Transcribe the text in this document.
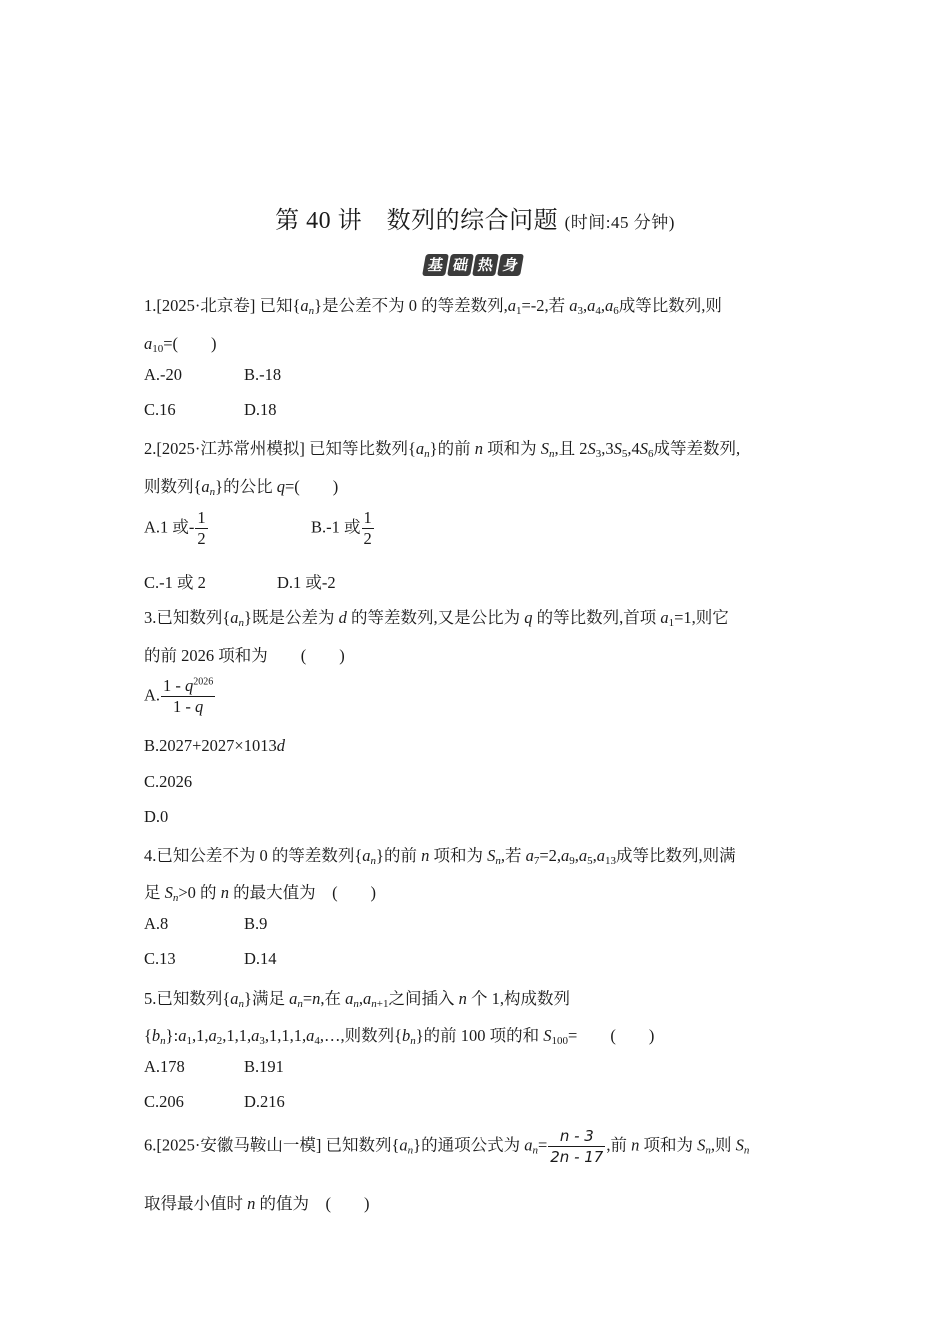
第 40 讲　数列的综合问题 (时间:45 分钟)
基 础 热 身
1.[2025·北京卷] 已知$\{a_n\}$是公差不为 0 的等差数列$,a_1=-2$,若 $a_3,a_4,a_6$成等比数列,则
$a_{10}=$(　　)
A.-20	B.-18
C.16	D.18
2.[2025·江苏常州模拟] 已知等比数列$\{a_n\}$的前 n 项和为 $S_n$,且 $2S_3,3S_5,4S_6$成等差数列,
则数列$\{a_n\}$的公比 q=(　　)
A.1 或- $\frac{1}{2}$	B.-1 或 $\frac{1}{2}$
C.-1 或 2	D.1 或-2
3.已知数列$\{a_n\}$既是公差为 d 的等差数列,又是公比为 q 的等比数列,首项 $a_1=1$,则它
的前 2026 项和为　　(　　)
A. $\frac{1 - q^{2026}}{1 - q}$
B.2027+2027×1013d
C.2026
D.0
4.已知公差不为 0 的等差数列$\{a_n\}$的前 n 项和为 $S_n$,若 $a_7=2,a_9,a_5,a_{13}$成等比数列,则满
足 $S_n>0$ 的 n 的最大值为　(　　)
A.8	B.9
C.13	D.14
5.已知数列$\{a_n\}$满足 $a_n=n$,在 $a_n,a_{n+1}$之间插入 n 个 1,构成数列
$\{b_n\}:a_1,1,a_2,1,1,a_3,1,1,1,a_4,\dots$,则数列$\{b_n\}$的前 100 项的和 $S_{100}=$　　(　　)
A.178	B.191
C.206	D.216
6.[2025·安徽马鞍山一模] 已知数列$\{a_n\}$的通项公式为 $a_n= \frac{n - 3}{2n - 17}$ ,前 n 项和为 $S_n$,则 $S_n$
取得最小值时 n 的值为　(　　)
